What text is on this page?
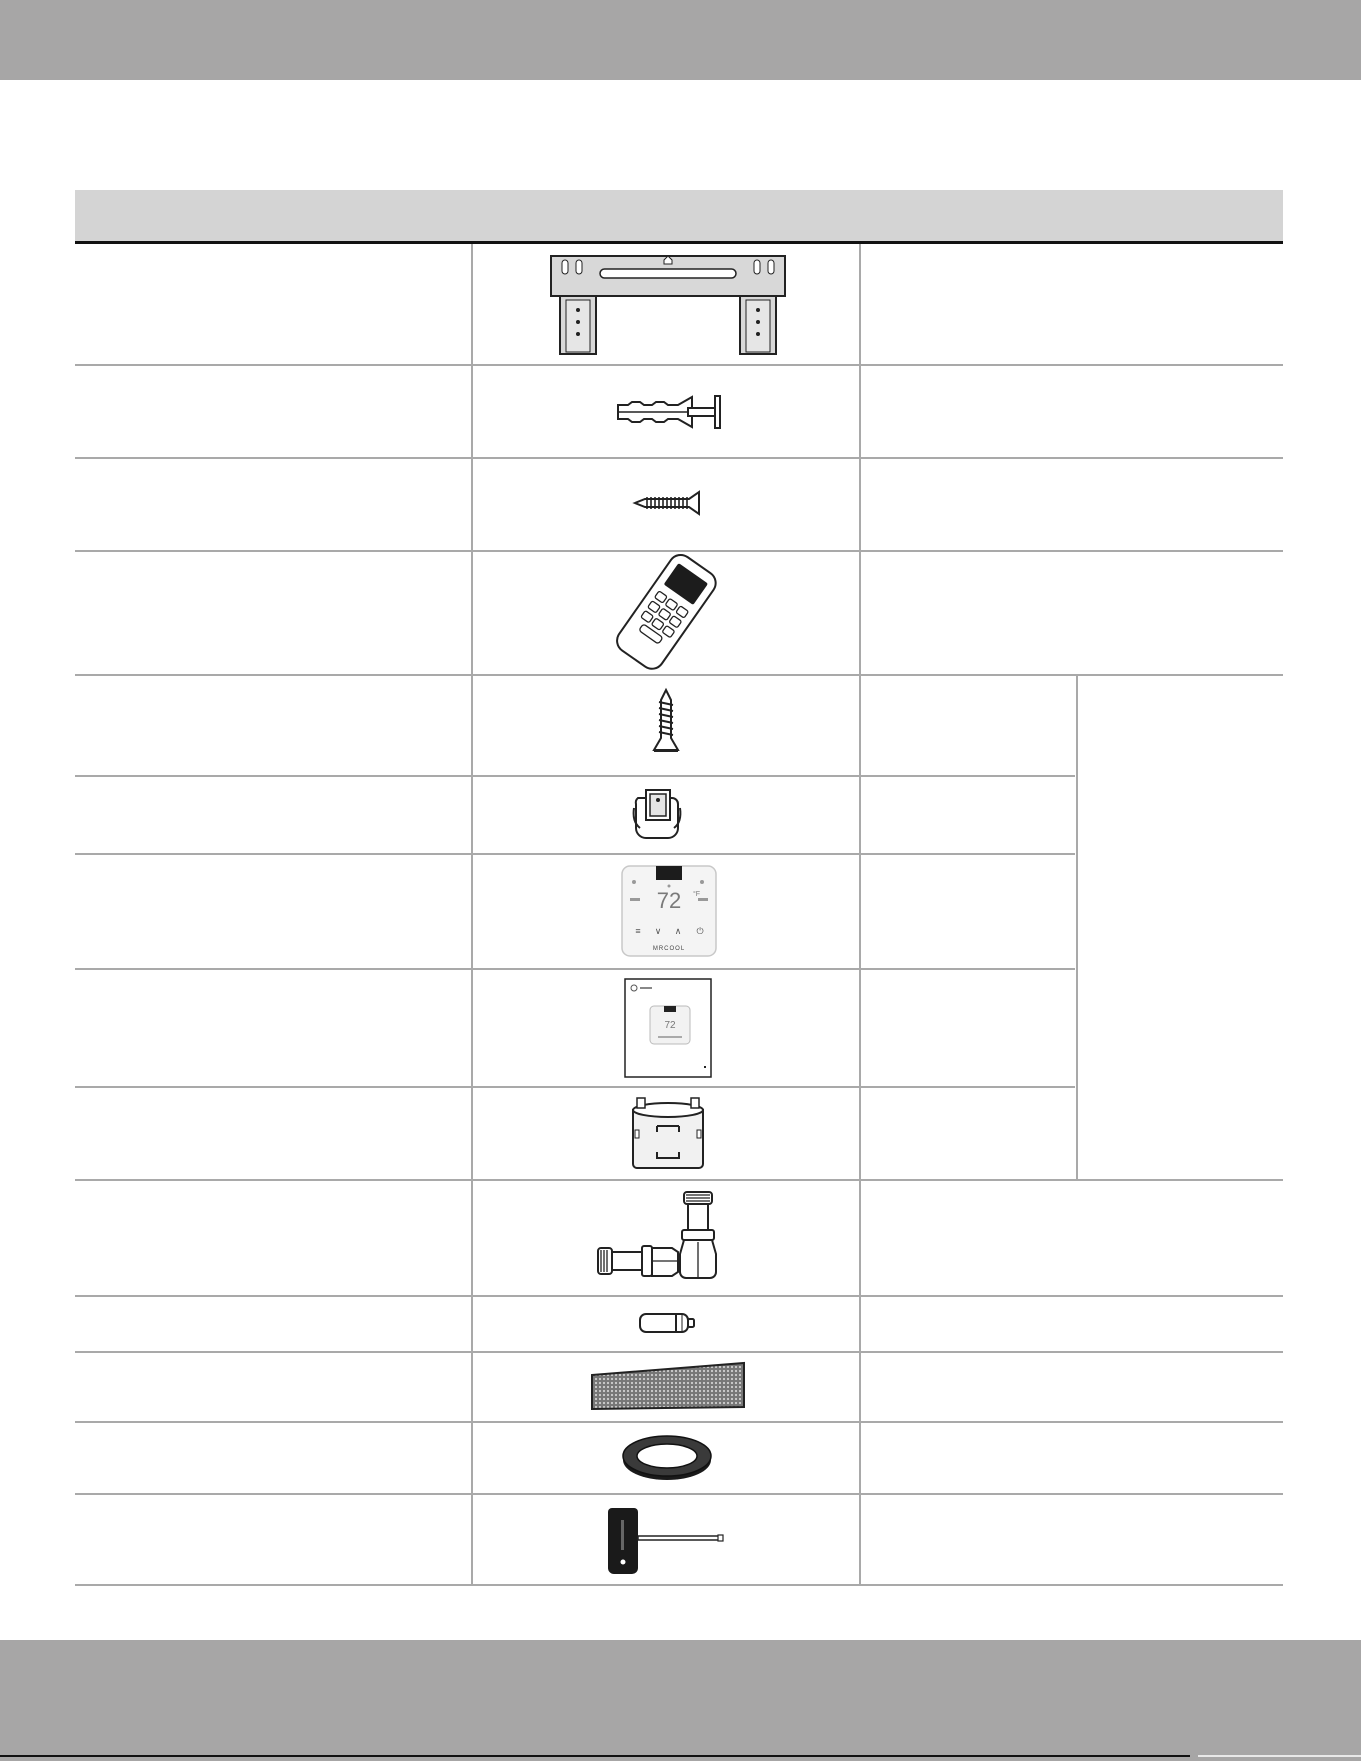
72 °F
≡ ∨ ∧ ⏻
MRCOOL
72
